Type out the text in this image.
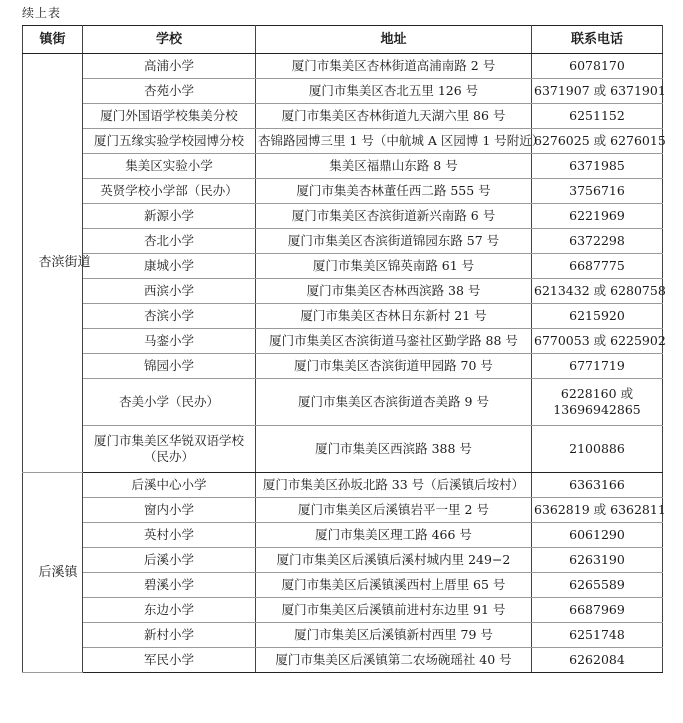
续上表
镇街	学校	地址	联系电话
杏滨街道	高浦小学	厦门市集美区杏林街道高浦南路 2 号	6078170
	杏苑小学	厦门市集美区杏北五里 126 号	6371907 或 6371901
	厦门外国语学校集美分校	厦门市集美区杏林街道九天湖六里 86 号	6251152
	厦门五缘实验学校园博分校	杏锦路园博三里 1 号（中航城 A 区园博 1 号附近）	6276025 或 6276015
	集美区实验小学	集美区福鼎山东路 8 号	6371985
	英贤学校小学部（民办）	厦门市集美杏林董任西二路 555 号	3756716
	新源小学	厦门市集美区杏滨街道新兴南路 6 号	6221969
	杏北小学	厦门市集美区杏滨街道锦园东路 57 号	6372298
	康城小学	厦门市集美区锦英南路 61 号	6687775
	西滨小学	厦门市集美区杏林西滨路 38 号	6213432 或 6280758
	杏滨小学	厦门市集美区杏林日东新村 21 号	6215920
	马銮小学	厦门市集美区杏滨街道马銮社区勤学路 88 号	6770053 或 6225902
	锦园小学	厦门市集美区杏滨街道甲园路 70 号	6771719
	杏美小学（民办）	厦门市集美区杏滨街道杏美路 9 号	6228160 或 13696942865
	厦门市集美区华锐双语学校（民办）	厦门市集美区西滨路 388 号	2100886
后溪镇	后溪中心小学	厦门市集美区孙坂北路 33 号（后溪镇后垵村）	6363166
	窗内小学	厦门市集美区后溪镇岩平一里 2 号	6362819 或 6362811
	英村小学	厦门市集美区理工路 466 号	6061290
	后溪小学	厦门市集美区后溪镇后溪村城内里 249−2	6263190
	碧溪小学	厦门市集美区后溪镇溪西村上厝里 65 号	6265589
	东边小学	厦门市集美区后溪镇前进村东边里 91 号	6687969
	新村小学	厦门市集美区后溪镇新村西里 79 号	6251748
	军民小学	厦门市集美区后溪镇第二农场碗瑶社 40 号	6262084
